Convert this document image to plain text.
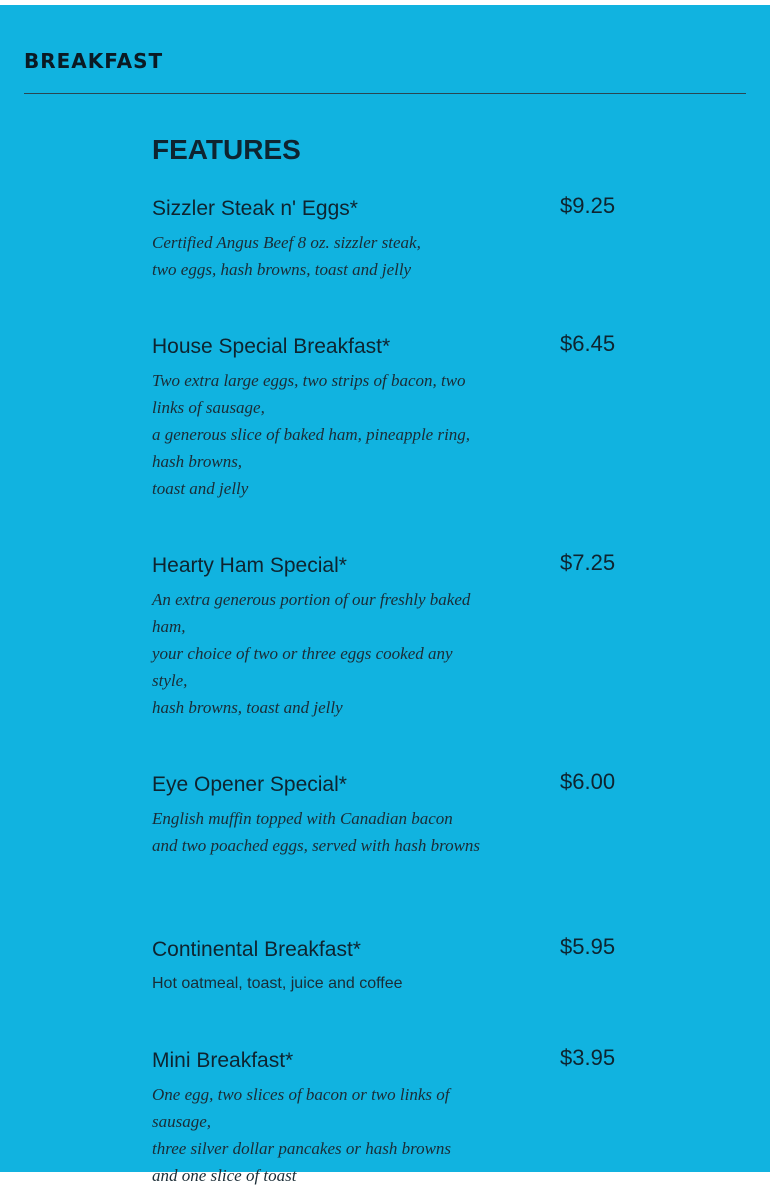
BREAKFAST
FEATURES
Sizzler Steak n' Eggs*	$9.25
Certified Angus Beef 8 oz. sizzler steak,
two eggs, hash browns, toast and jelly
House Special Breakfast*	$6.45
Two extra large eggs, two strips of bacon, two links of sausage,
a generous slice of baked ham, pineapple ring, hash browns,
toast and jelly
Hearty Ham Special*	$7.25
An extra generous portion of our freshly baked ham,
your choice of two or three eggs cooked any style,
hash browns, toast and jelly
Eye Opener Special*	$6.00
English muffin topped with Canadian bacon and two poached eggs, served with hash browns
Continental Breakfast*	$5.95
Hot oatmeal, toast, juice and coffee
Mini Breakfast*	$3.95
One egg, two slices of bacon or two links of sausage,
three silver dollar pancakes or hash browns
and one slice of toast
